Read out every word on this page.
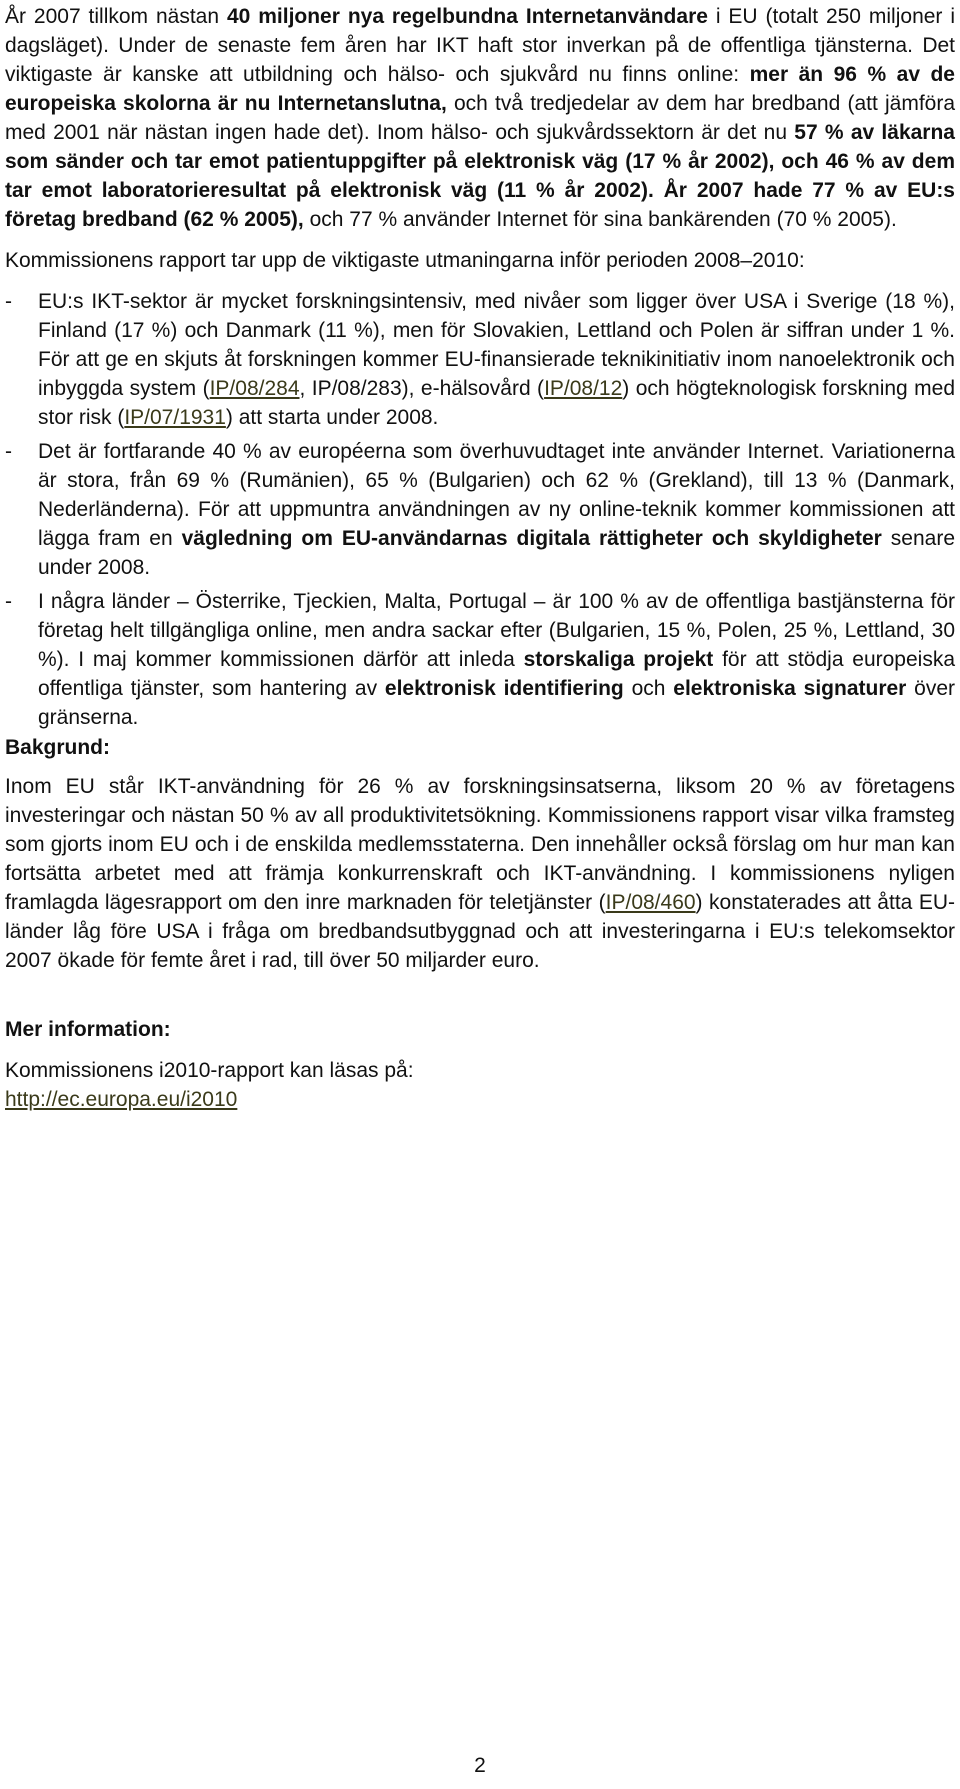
År 2007 tillkom nästan 40 miljoner nya regelbundna Internetanvändare i EU (totalt 250 miljoner i dagsläget). Under de senaste fem åren har IKT haft stor inverkan på de offentliga tjänsterna. Det viktigaste är kanske att utbildning och hälso- och sjukvård nu finns online: mer än 96 % av de europeiska skolorna är nu Internetanslutna, och två tredjedelar av dem har bredband (att jämföra med 2001 när nästan ingen hade det). Inom hälso- och sjukvårdssektorn är det nu 57 % av läkarna som sänder och tar emot patientuppgifter på elektronisk väg (17 % år 2002), och 46 % av dem tar emot laboratorieresultat på elektronisk väg (11 % år 2002). År 2007 hade 77 % av EU:s företag bredband (62 % 2005), och 77 % använder Internet för sina bankärenden (70 % 2005).

Kommissionens rapport tar upp de viktigaste utmaningarna inför perioden 2008–2010:

- EU:s IKT-sektor är mycket forskningsintensiv, med nivåer som ligger över USA i Sverige (18 %), Finland (17 %) och Danmark (11 %), men för Slovakien, Lettland och Polen är siffran under 1 %. För att ge en skjuts åt forskningen kommer EU-finansierade teknikinitiativ inom nanoelektronik och inbyggda system (IP/08/284, IP/08/283), e-hälsovård (IP/08/12) och högteknologisk forskning med stor risk (IP/07/1931) att starta under 2008.
- Det är fortfarande 40 % av européerna som överhuvudtaget inte använder Internet. Variationerna är stora, från 69 % (Rumänien), 65 % (Bulgarien) och 62 % (Grekland), till 13 % (Danmark, Nederländerna). För att uppmuntra användningen av ny online-teknik kommer kommissionen att lägga fram en vägledning om EU-användarnas digitala rättigheter och skyldigheter senare under 2008.
- I några länder – Österrike, Tjeckien, Malta, Portugal – är 100 % av de offentliga bastjänsterna för företag helt tillgängliga online, men andra sackar efter (Bulgarien, 15 %, Polen, 25 %, Lettland, 30 %). I maj kommer kommissionen därför att inleda storskaliga projekt för att stödja europeiska offentliga tjänster, som hantering av elektronisk identifiering och elektroniska signaturer över gränserna.

Bakgrund:

Inom EU står IKT-användning för 26 % av forskningsinsatserna, liksom 20 % av företagens investeringar och nästan 50 % av all produktivitetsökning. Kommissionens rapport visar vilka framsteg som gjorts inom EU och i de enskilda medlemsstaterna. Den innehåller också förslag om hur man kan fortsätta arbetet med att främja konkurrenskraft och IKT-användning. I kommissionens nyligen framlagda lägesrapport om den inre marknaden för teletjänster (IP/08/460) konstaterades att åtta EU-länder låg före USA i fråga om bredbandsutbyggnad och att investeringarna i EU:s telekomsektor 2007 ökade för femte året i rad, till över 50 miljarder euro.

Mer information:

Kommissionens i2010-rapport kan läsas på:
http://ec.europa.eu/i2010

2
